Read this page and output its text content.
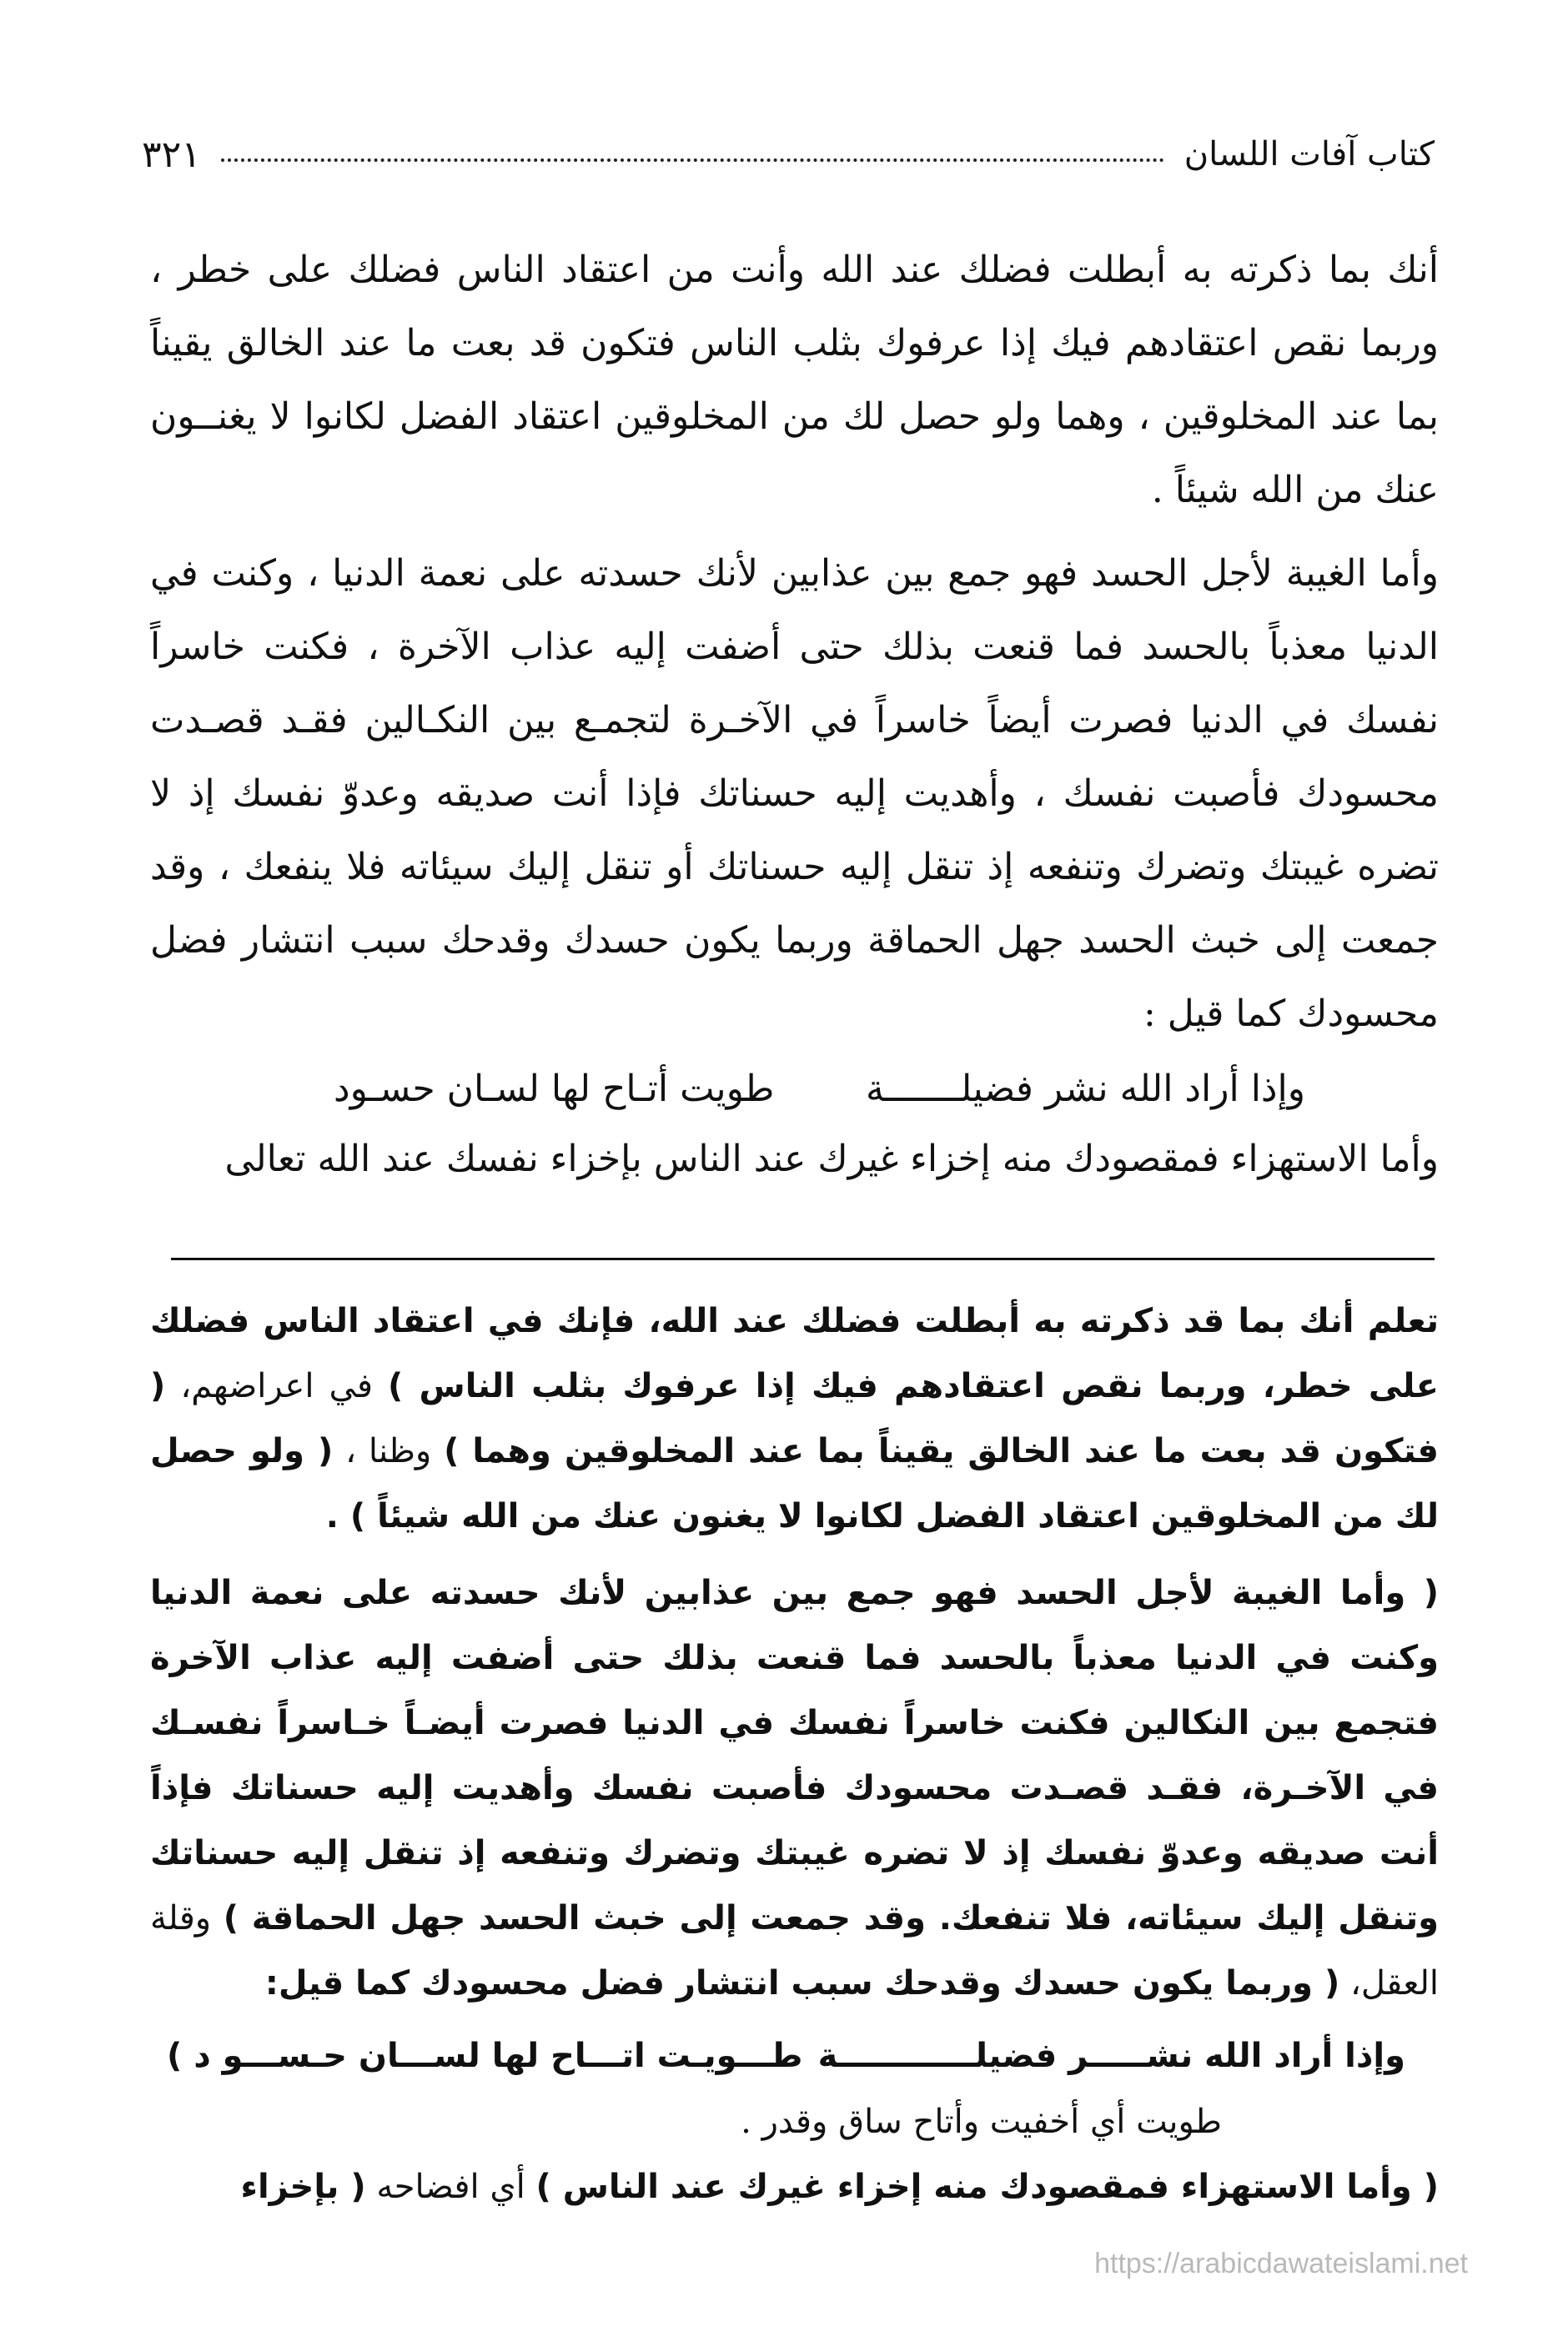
كتاب آفات اللسان
٣٢١

أنك بما ذكرته به أبطلت فضلك عند الله وأنت من اعتقاد الناس فضلك على خطر ، وربما نقص اعتقادهم فيك إذا عرفوك بثلب الناس فتكون قد بعت ما عند الخالق يقيناً بما عند المخلوقين ، وهما ولو حصل لك من المخلوقين اعتقاد الفضل لكانوا لا يغنــون عنك من الله شيئاً .

وأما الغيبة لأجل الحسد فهو جمع بين عذابين لأنك حسدته على نعمة الدنيا ، وكنت في الدنيا معذباً بالحسد فما قنعت بذلك حتى أضفت إليه عذاب الآخرة ، فكنت خاسراً نفسك في الدنيا فصرت أيضاً خاسراً في الآخـرة لتجمـع بين النكـالين فقـد قصـدت محسودك فأصبت نفسك ، وأهديت إليه حسناتك فإذا أنت صديقه وعدوّ نفسك إذ لا تضره غيبتك وتضرك وتنفعه إذ تنقل إليه حسناتك أو تنقل إليك سيئاته فلا ينفعك ، وقد جمعت إلى خبث الحسد جهل الحماقة وربما يكون حسدك وقدحك سبب انتشار فضل محسودك كما قيل :

وإذا أراد الله نشر فضيلـــــــة
طويت أتـاح لها لسـان حسـود

وأما الاستهزاء فمقصودك منه إخزاء غيرك عند الناس بإخزاء نفسك عند الله تعالى

تعلم أنك بما قد ذكرته به أبطلت فضلك عند الله، فإنك في اعتقاد الناس فضلك على خطر، وربما نقص اعتقادهم فيك إذا عرفوك بثلب الناس ) في اعراضهم، ( فتكون قد بعت ما عند الخالق يقيناً بما عند المخلوقين وهما ) وظنا ، ( ولو حصل لك من المخلوقين اعتقاد الفضل لكانوا لا يغنون عنك من الله شيئاً ) .

( وأما الغيبة لأجل الحسد فهو جمع بين عذابين لأنك حسدته على نعمة الدنيا وكنت في الدنيا معذباً بالحسد فما قنعت بذلك حتى أضفت إليه عذاب الآخرة فتجمع بين النكالين فكنت خاسراً نفسك في الدنيا فصرت أيضـاً خـاسراً نفسـك في الآخـرة، فقـد قصـدت محسودك فأصبت نفسك وأهديت إليه حسناتك فإذاً أنت صديقه وعدوّ نفسك إذ لا تضره غيبتك وتضرك وتنفعه إذ تنقل إليه حسناتك وتنقل إليك سيئاته، فلا تنفعك. وقد جمعت إلى خبث الحسد جهل الحماقة ) وقلة العقل، ( وربما يكون حسدك وقدحك سبب انتشار فضل محسودك كما قيل:

وإذا أراد الله نشـــــر فضيلــــــــــــة
طـــويـت اتـــاح لها لســـان حـســـو د )
طويت أي أخفيت وأتاح ساق وقدر .

( وأما الاستهزاء فمقصودك منه إخزاء غيرك عند الناس ) أي افضاحه ( بإخزاء

https://arabicdawateislami.net
